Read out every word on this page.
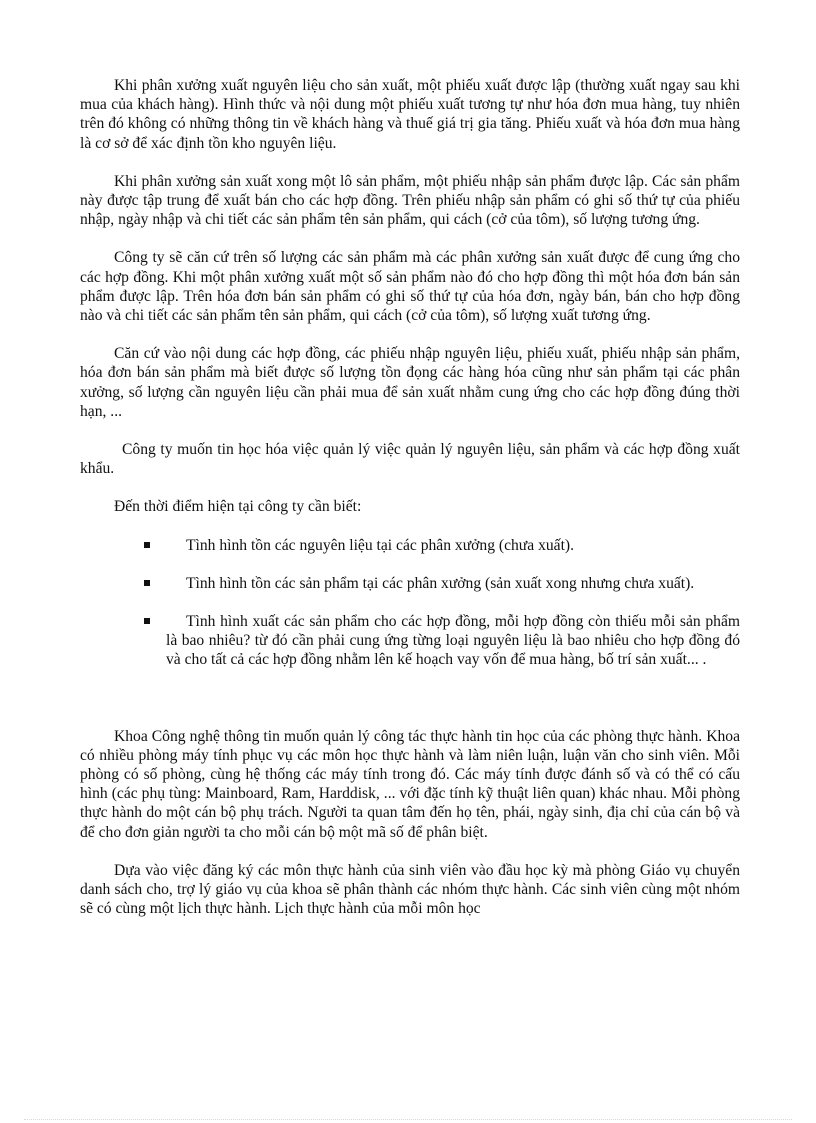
Khi phân xưởng xuất nguyên liệu cho sản xuất, một phiếu xuất được lập (thường xuất ngay sau khi mua của khách hàng). Hình thức và nội dung một phiếu xuất tương tự như hóa đơn mua hàng, tuy nhiên trên đó không có những thông tin về khách hàng và thuế giá trị gia tăng. Phiếu xuất và hóa đơn mua hàng là cơ sở để xác định tồn kho nguyên liệu.

Khi phân xưởng sản xuất xong một lô sản phẩm, một phiếu nhập sản phẩm được lập. Các sản phẩm này được tập trung để xuất bán cho các hợp đồng. Trên phiếu nhập sản phẩm có ghi số thứ tự của phiếu nhập, ngày nhập và chi tiết các sản phẩm tên sản phẩm, qui cách (cở của tôm), số lượng tương ứng.

Công ty sẽ căn cứ trên số lượng các sản phẩm mà các phân xưởng sản xuất được để cung ứng cho các hợp đồng. Khi một phân xưởng xuất một số sản phẩm nào đó cho hợp đồng thì một hóa đơn bán sản phẩm được lập. Trên hóa đơn bán sản phẩm có ghi số thứ tự của hóa đơn, ngày bán, bán cho hợp đồng nào và chi tiết các sản phẩm tên sản phẩm, qui cách (cở của tôm), số lượng xuất tương ứng.

Căn cứ vào nội dung các hợp đồng, các phiếu nhập nguyên liệu, phiếu xuất, phiếu nhập sản phẩm, hóa đơn bán sản phẩm mà biết được số lượng tồn đọng các hàng hóa cũng như sản phẩm tại các phân xưởng, số lượng cần nguyên liệu cần phải mua để sản xuất nhằm cung ứng cho các hợp đồng đúng thời hạn, ...

Công ty muốn tin học hóa việc quản lý việc quản lý nguyên liệu, sản phẩm và các hợp đồng xuất khẩu.

Đến thời điểm hiện tại công ty cần biết:

Tình hình tồn các nguyên liệu tại các phân xưởng (chưa xuất).
Tình hình tồn các sản phẩm tại các phân xưởng (sản xuất xong nhưng chưa xuất).
Tình hình xuất các sản phẩm cho các hợp đồng, mỗi hợp đồng còn thiếu mỗi sản phẩm là bao nhiêu? từ đó cần phải cung ứng từng loại nguyên liệu là bao nhiêu cho hợp đồng đó và cho tất cả các hợp đồng nhằm lên kế hoạch vay vốn để mua hàng, bố trí sản xuất... .

Khoa Công nghệ thông tin muốn quản lý công tác thực hành tin học của các phòng thực hành. Khoa có nhiều phòng máy tính phục vụ các môn học thực hành và làm niên luận, luận văn cho sinh viên. Mỗi phòng có số phòng, cùng hệ thống các máy tính trong đó. Các máy tính được đánh số và có thể có cấu hình (các phụ tùng: Mainboard, Ram, Harddisk, ... với đặc tính kỹ thuật liên quan) khác nhau. Mỗi phòng thực hành do một cán bộ phụ trách. Người ta quan tâm đến họ tên, phái, ngày sinh, địa chỉ của cán bộ và để cho đơn giản người ta cho mỗi cán bộ một mã số để phân biệt.

Dựa vào việc đăng ký các môn thực hành của sinh viên vào đầu học kỳ mà phòng Giáo vụ chuyển danh sách cho, trợ lý giáo vụ của khoa sẽ phân thành các nhóm thực hành. Các sinh viên cùng một nhóm sẽ có cùng một lịch thực hành. Lịch thực hành của mỗi môn học
